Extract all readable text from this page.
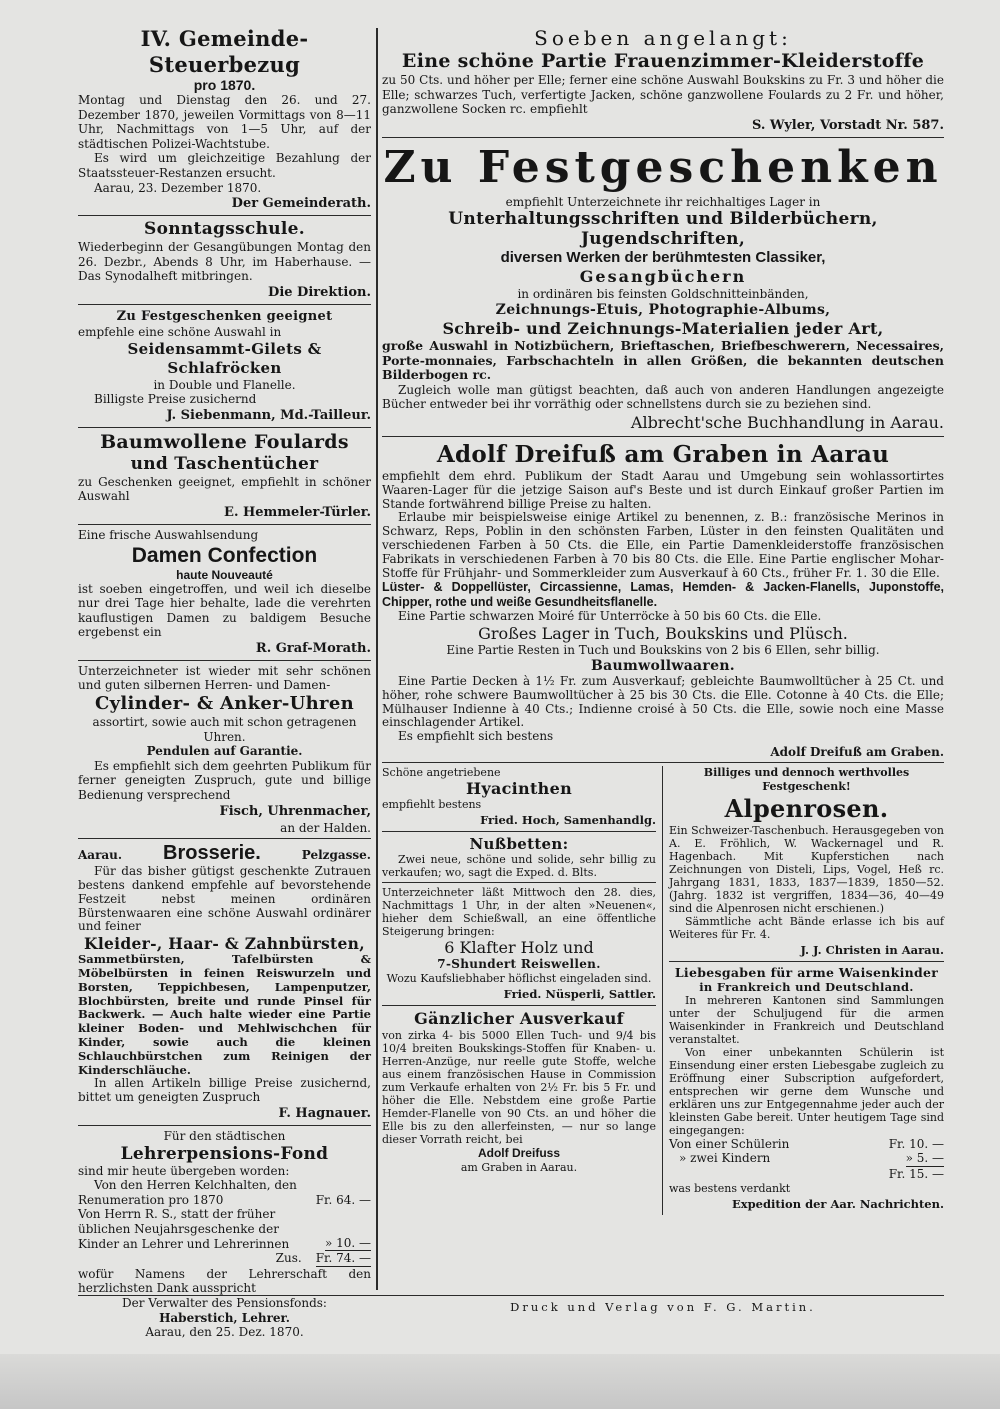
IV. Gemeinde-Steuerbezug
pro 1870.

Montag und Dienstag den 26. und 27. Dezember 1870, jeweilen Vormittags von 8—11 Uhr, Nachmittags von 1—5 Uhr, auf der städtischen Polizei-Wachtstube.

Es wird um gleichzeitige Bezahlung der Staatssteuer-Restanzen ersucht.

Aarau, 23. Dezember 1870.

Der Gemeinderath.
Sonntagsschule.

Wiederbeginn der Gesangübungen Montag den 26. Dezbr., Abends 8 Uhr, im Haberhause. — Das Synodalheft mitbringen.

Die Direktion.
Zu Festgeschenken geeignet

empfehle eine schöne Auswahl in

Seidensammt-Gilets & Schlafröcken

in Double und Flanelle.

Billigste Preise zusichernd

J. Siebenmann, Md.-Tailleur.
Baumwollene Foulards
und Taschentücher

zu Geschenken geeignet, empfiehlt in schöner Auswahl

E. Hemmeler-Türler.

Eine frische Auswahlsendung

Damen Confection
haute Nouveauté

ist soeben eingetroffen, und weil ich dieselbe nur drei Tage hier behalte, lade die verehrten kauflustigen Damen zu baldigem Besuche ergebenst ein

R. Graf-Morath.

Unterzeichneter ist wieder mit sehr schönen und guten silbernen Herren- und Damen-

Cylinder- & Anker-Uhren

assortirt, sowie auch mit schon getragenen Uhren.

Pendulen auf Garantie.

Es empfiehlt sich dem geehrten Publikum für ferner geneigten Zuspruch, gute und billige Bedienung versprechend

Fisch, Uhrenmacher,

an der Halden.

Aarau. Brosserie.	Pelzgasse.

Für das bisher gütigst geschenkte Zutrauen bestens dankend empfehle auf bevorstehende Festzeit nebst meinen ordinären Bürstenwaaren eine schöne Auswahl ordinärer und feiner

Kleider-, Haar- & Zahnbürsten,

Sammetbürsten, Tafelbürsten & Möbelbürsten in feinen Reiswurzeln und Borsten, Teppichbesen, Lampenputzer, Blochbürsten, breite und runde Pinsel für Backwerk. — Auch halte wieder eine Partie kleiner Boden- und Mehlwischchen für Kinder, sowie auch die kleinen Schlauchbürstchen zum Reinigen der Kinderschläuche.

In allen Artikeln billige Preise zusichernd, bittet um geneigten Zuspruch

F. Hagnauer.

Für den städtischen

Lehrerpensions-Fond

sind mir heute übergeben worden:

Von den Herren Kelchhalten, den Renumeration pro 1870	Fr. 64. —
Von Herrn R. S., statt der früher üblichen Neujahrsgeschenke der Kinder an Lehrer und Lehrerinnen	» 10. —
Zus. Fr. 74. —

wofür Namens der Lehrerschaft den herzlichsten Dank ausspricht

Der Verwalter des Pensionsfonds:

Haberstich, Lehrer.

Aarau, den 25. Dez. 1870.

Soeben angelangt:
Eine schöne Partie Frauenzimmer-Kleiderstoffe

zu 50 Cts. und höher per Elle; ferner eine schöne Auswahl Boukskins zu Fr. 3 und höher die Elle; schwarzes Tuch, verfertigte Jacken, schöne ganzwollene Foulards zu 2 Fr. und höher, ganzwollene Socken rc. empfiehlt

S. Wyler, Vorstadt Nr. 587.
Zu Festgeschenken

empfiehlt Unterzeichnete ihr reichhaltiges Lager in

Unterhaltungsschriften und Bilderbüchern, Jugendschriften,
diversen Werken der berühmtesten Classiker,
Gesangbüchern

in ordinären bis feinsten Goldschnitteinbänden,

Zeichnungs-Etuis, Photographie-Albums,
Schreib- und Zeichnungs-Materialien jeder Art,

große Auswahl in Notizbüchern, Brieftaschen, Briefbeschwerern, Necessaires, Porte-monnaies, Farbschachteln in allen Größen, die bekannten deutschen Bilderbogen rc.

Zugleich wolle man gütigst beachten, daß auch von anderen Handlungen angezeigte Bücher entweder bei ihr vorräthig oder schnellstens durch sie zu beziehen sind.

Albrecht'sche Buchhandlung in Aarau.
Adolf Dreifuß am Graben in Aarau

empfiehlt dem ehrd. Publikum der Stadt Aarau und Umgebung sein wohlassortirtes Waaren-Lager für die jetzige Saison auf's Beste und ist durch Einkauf großer Partien im Stande fortwährend billige Preise zu halten.

Erlaube mir beispielsweise einige Artikel zu benennen, z. B.: französische Merinos in Schwarz, Reps, Poblin in den schönsten Farben, Lüster in den feinsten Qualitäten und verschiedenen Farben à 50 Cts. die Elle, ein Partie Damenkleiderstoffe französischen Fabrikats in verschiedenen Farben à 70 bis 80 Cts. die Elle. Eine Partie englischer Mohar-Stoffe für Frühjahr- und Sommerkleider zum Ausverkauf à 60 Cts., früher Fr. 1. 30 die Elle.

Lüster- & Doppellüster, Circassienne, Lamas, Hemden- & Jacken-Flanells, Juponstoffe, Chipper, rothe und weiße Gesundheitsflanelle.

Eine Partie schwarzen Moiré für Unterröcke à 50 bis 60 Cts. die Elle.

Großes Lager in Tuch, Boukskins und Plüsch.

Eine Partie Resten in Tuch und Boukskins von 2 bis 6 Ellen, sehr billig.

Baumwollwaaren.

Eine Partie Decken à 1½ Fr. zum Ausverkauf; gebleichte Baumwolltücher à 25 Ct. und höher, rohe schwere Baumwolltücher à 25 bis 30 Cts. die Elle. Cotonne à 40 Cts. die Elle; Mülhauser Indienne à 40 Cts.; Indienne croisé à 50 Cts. die Elle, sowie noch eine Masse einschlagender Artikel.

Es empfiehlt sich bestens

Adolf Dreifuß am Graben.

Schöne angetriebene

Hyacinthen

empfiehlt bestens

Fried. Hoch, Samenhandlg.
Nußbetten:

Zwei neue, schöne und solide, sehr billig zu verkaufen; wo, sagt die Exped. d. Blts.

Unterzeichneter läßt Mittwoch den 28. dies, Nachmittags 1 Uhr, in der alten »Neuenen«, hieher dem Schießwall, an eine öffentliche Steigerung bringen:

6 Klafter Holz und
7-Shundert Reiswellen.

Wozu Kaufsliebhaber höflichst eingeladen sind.

Fried. Nüsperli, Sattler.
Gänzlicher Ausverkauf

von zirka 4- bis 5000 Ellen Tuch- und 9/4 bis 10/4 breiten Boukskings-Stoffen für Knaben- u. Herren-Anzüge, nur reelle gute Stoffe, welche aus einem französischen Hause in Commission zum Verkaufe erhalten von 2½ Fr. bis 5 Fr. und höher die Elle. Nebstdem eine große Partie Hemder-Flanelle von 90 Cts. an und höher die Elle bis zu den allerfeinsten, — nur so lange dieser Vorrath reicht, bei

Adolf Dreifuss

am Graben in Aarau.

Billiges und dennoch werthvolles Festgeschenk!
Alpenrosen.

Ein Schweizer-Taschenbuch. Herausgegeben von A. E. Fröhlich, W. Wackernagel und R. Hagenbach. Mit Kupferstichen nach Zeichnungen von Disteli, Lips, Vogel, Heß rc. Jahrgang 1831, 1833, 1837—1839, 1850—52. (Jahrg. 1832 ist vergriffen, 1834—36, 40—49 sind die Alpenrosen nicht erschienen.)

Sämmtliche acht Bände erlasse ich bis auf Weiteres für Fr. 4.

J. J. Christen in Aarau.
Liebesgaben für arme Waisenkinder
in Frankreich und Deutschland.

In mehreren Kantonen sind Sammlungen unter der Schuljugend für die armen Waisenkinder in Frankreich und Deutschland veranstaltet.

Von einer unbekannten Schülerin ist Einsendung einer ersten Liebesgabe zugleich zu Eröffnung einer Subscription aufgefordert, entsprechen wir gerne dem Wunsche und erklären uns zur Entgegennahme jeder auch der kleinsten Gabe bereit. Unter heutigem Tage sind eingegangen:

Von einer Schülerin	Fr. 10. —
» zwei Kindern	» 5. —
Fr. 15. —

was bestens verdankt

Expedition der Aar. Nachrichten.
Druck und Verlag von F. G. Martin.
